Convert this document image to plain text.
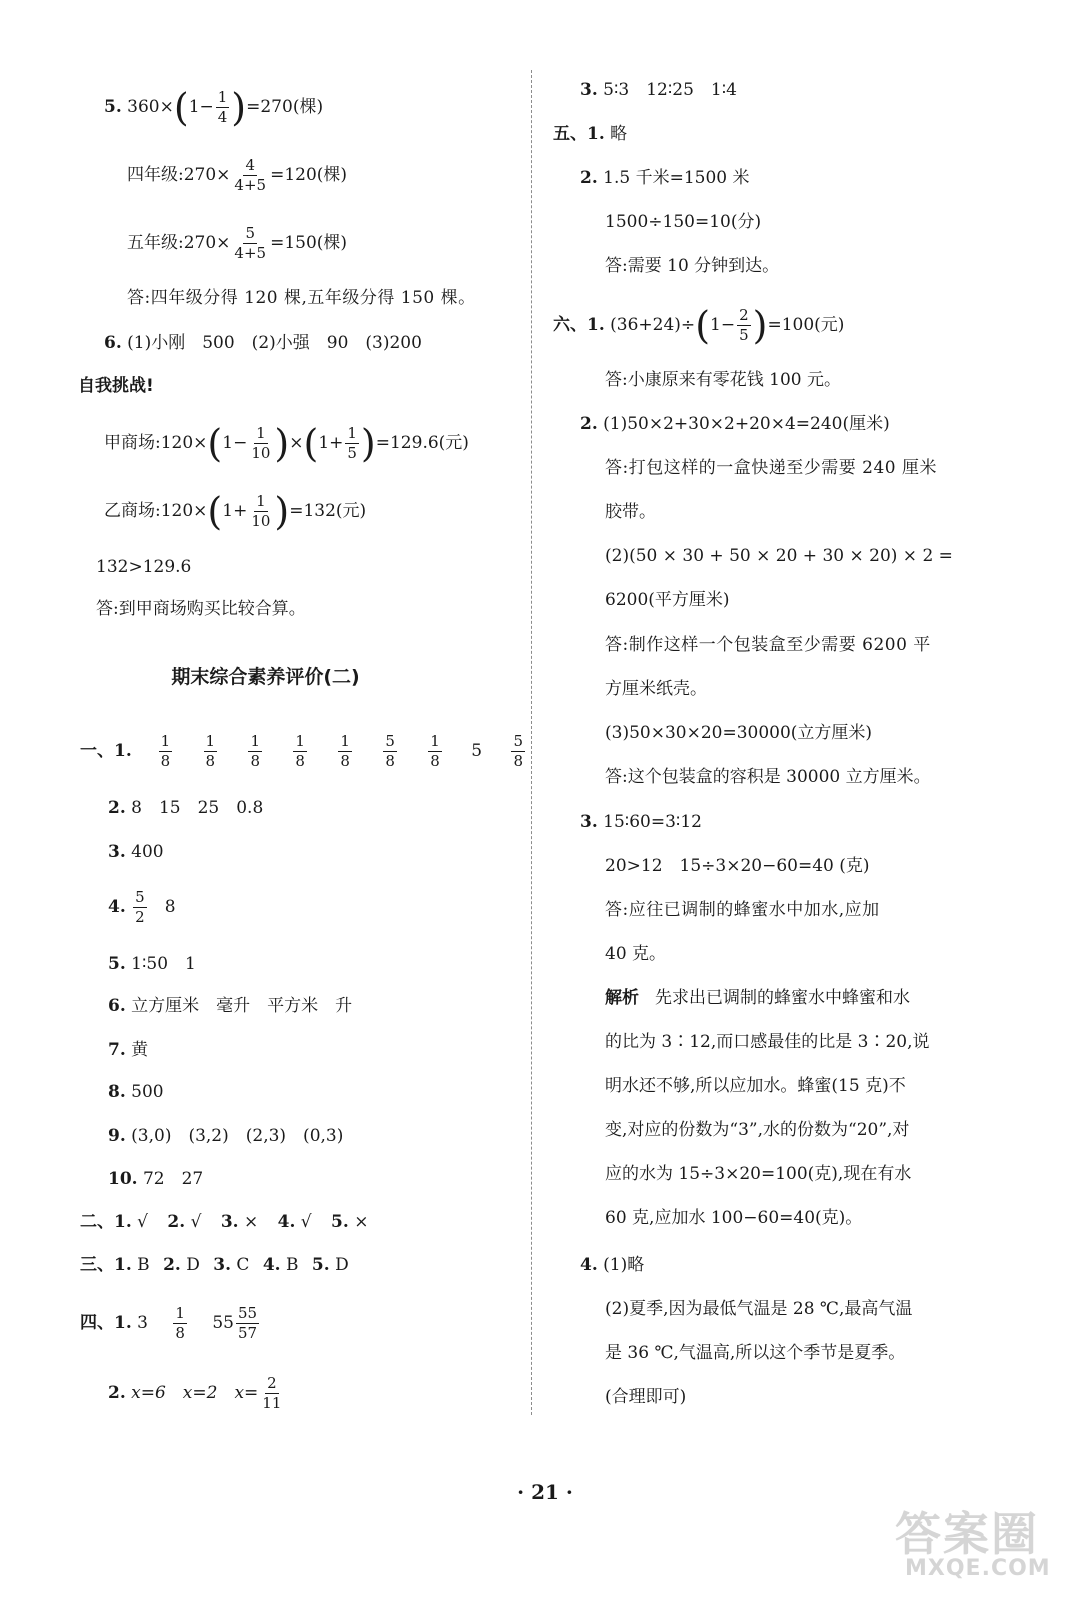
5. $360\times(1- \frac{1}{4} )=270$(棵)
四年级:270× $\frac{4}{4+5} =120$(棵)
五年级:270× $\frac{5}{4+5} =150$(棵)
答:四年级分得 120 棵,五年级分得 150 棵。
6. (1)小刚　500　(2)小强　90　(3)200
自我挑战!
甲商场:120×(1− $\frac{1}{10} )\times(1+ \frac{1}{5} )=129.6$(元)
乙商场:120×(1+ $\frac{1}{10} )=132$(元)
132>129.6
答:到甲商场购买比较合算。
期末综合素养评价(二)
一、1. $\frac{1}{8}$
$\frac{1}{8}$
$\frac{1}{8}$
$\frac{1}{8}$
$\frac{1}{8}$
$\frac{5}{8}$
$\frac{1}{8} 5 \frac{5}{8}$
2. 8　15　25　0.8
3. 400
4. $\frac{5}{2} 8$
5. 1∶50　1
6. 立方厘米　毫升　平方米　升
7. 黄
8. 500
9. (3,0)　(3,2)　(2,3)　(0,3)
10. 72　27
二、1. √ 2. √ 3. × 4. √ 5. ×
三、1. B 2. D 3. C 4. B 5. D
四、1. $3 \frac{1}{8} 55 \frac{55}{57}$
2. x=6　x=2　$x= \frac{2}{11}$
3. 5∶3　12∶25　1∶4
五、1. 略
2. 1.5 千米=1500 米
1500÷150=10(分)
答:需要 10 分钟到达。
六、1. $(36+24)\div(1- \frac{2}{5} )=100$(元)
答:小康原来有零花钱 100 元。
2. (1)50×2+30×2+20×4=240(厘米)
答:打包这样的一盒快递至少需要 240 厘米
胶带。
(2)(50 × 30 + 50 × 20 + 30 × 20) × 2 =
6200(平方厘米)
答:制作这样一个包装盒至少需要 6200 平
方厘米纸壳。
(3)50×30×20=30000(立方厘米)
答:这个包装盒的容积是 30000 立方厘米。
3. 15∶60=3∶12
20>12　15÷3×20−60=40 (克)
答:应往已调制的蜂蜜水中加水,应加
40 克。
解析 先求出已调制的蜂蜜水中蜂蜜和水
的比为 3∶12,而口感最佳的比是 3∶20,说
明水还不够,所以应加水。蜂蜜(15 克)不
变,对应的份数为“3”,水的份数为“20”,对
应的水为 15÷3×20=100(克),现在有水
60 克,应加水 100−60=40(克)。
4. (1)略
(2)夏季,因为最低气温是 28 ℃,最高气温
是 36 ℃,气温高,所以这个季节是夏季。
(合理即可)
· 21 ·
答案圈
MXQE.COM
